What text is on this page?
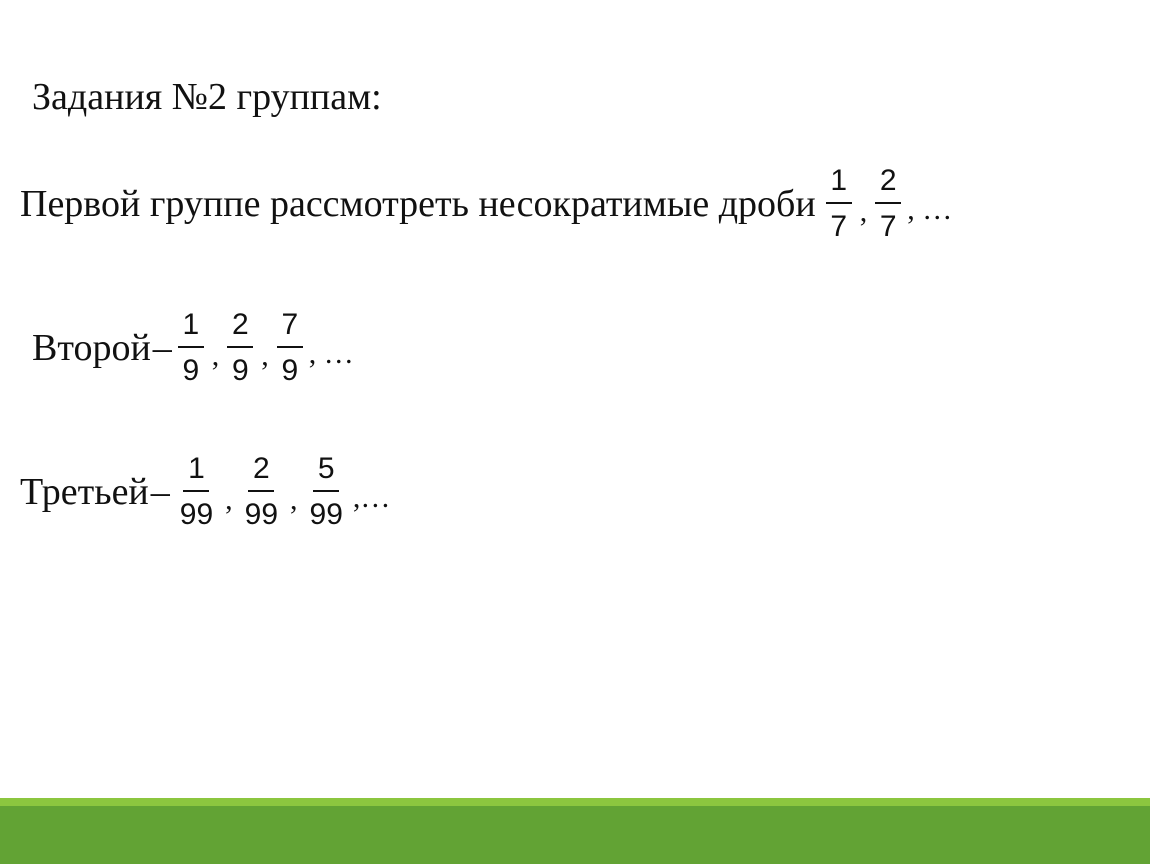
Задания №2 группам:
Первой группе рассмотреть несократимые дроби $\frac{1}{7}$ , $\frac{2}{7}$ , …
Второй – $\frac{1}{9}$ , $\frac{2}{9}$ , $\frac{7}{9}$ , …
Третьей – $\frac{1}{99}$ , $\frac{2}{99}$ , $\frac{5}{99}$ ,…
